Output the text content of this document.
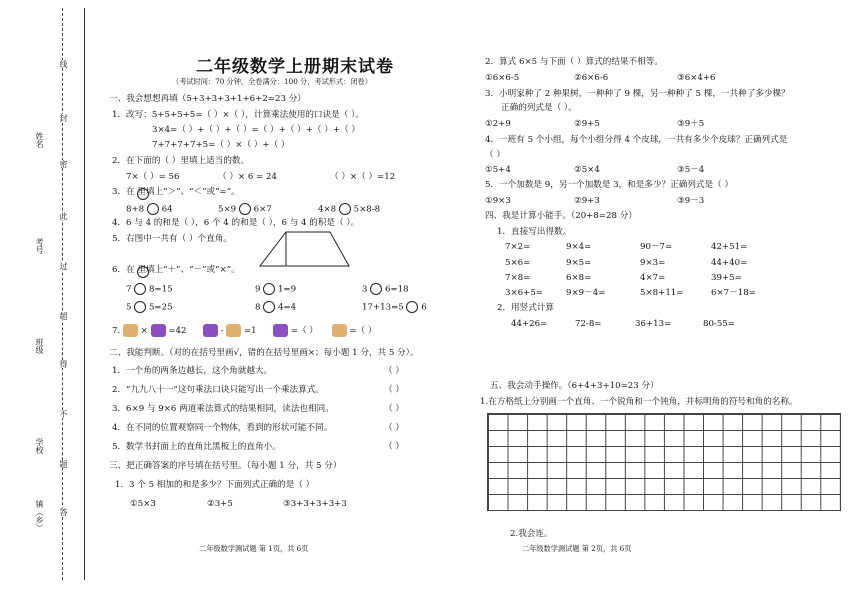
姓名
考号
班级
学校
镇（乡）
线
封
密
此
过
超
得
不
题
答
二年级数学上册期末试卷
（考试时间：70 分钟，全卷满分：100 分，考试形式：闭卷）
一、我会想想再填（5+3+3+3+1+6+2=23 分）
1．改写：5+5+5+5=（ ）×（ ），计算乘法使用的口诀是（ ）。
3×4=（ ）+（ ）+（ ）=（ ）+（ ）+（ ）+（ ）
7+7+7+7+5=（ ）×（ ）+（ ）
2．在下面的（ ）里填上适当的数。
7×（ ）= 56	（ ）× 6 = 24	（ ）×（ ）=12
3．在 里填上“＞”、“＜”或“=”。
8+8 64	5×9 6×7	4×8 5×8-8
4．6 与 4 的和是（ ），6 个 4 的和是（ ），6 与 4 的积是（ ）。
5．右图中一共有（ ）个直角。
6．在 里填上“＋”、“－”或“×”。
7 8=15	9 1=9	3 6=18
5 5=25	8 4=4	17+13=5 6
7. × =42	- =1	=（ ）	=（ ）
二、我能判断。（对的在括号里画√，错的在括号里画×；每小题 1 分，共 5 分）。
1．一个角的两条边越长，这个角就越大。	（ ）
2．“九九八十一”这句乘法口诀只能写出一个乘法算式。	（ ）
3．6×9 与 9×6 两道乘法算式的结果相同，读法也相同。	（ ）
4．在不同的位置观察同一个物体，看到的形状可能不同。	（ ）
5．数学书封面上的直角比黑板上的直角小。	（ ）
三、把正确答案的序号填在括号里。（每小题 1 分，共 5 分）
1．3 个 5 相加的和是多少？下面列式正确的是（ ）
①5×3	②3+5	③3+3+3+3+3
二年级数学测试题 第 1页，共 6页
2．算式 6×5 与下面（ ）算式的结果不相等。
①6×6-5	②6×6-6	③6×4+6
3．小明家种了 2 种果树，一种种了 9 棵，另一种种了 5 棵，一共种了多少棵？
正确的列式是（ ）。
①2+9	②9+5	③9＋5
4．一班有 5 个小组，每个小组分得 4 个皮球，一共有多少个皮球？正确列式是
（ ）
①5+4	②5×4	③5－4
5．一个加数是 9，另一个加数是 3，和是多少？正确列式是（ ）
①9×3	②9+3	③9－3
四、我是计算小能手。（20+8=28 分）
1．直接写出得数。
7×2=	9×4=	90－7=	42+51=
5×6=	9×5=	9×3=	44+40=
7×8=	6×8=	4×7=	39+5=
3×6+5=	9×9－4=	5×8+11=	6×7－18=
2．用竖式计算
44+26=	72-8=	36+13=	80-55=
五、我会动手操作。（6+4+3+10=23 分）
1.在方格纸上分别画一个直角、一个锐角和一个钝角，并标明角的符号和角的名称。
2.我会连。
二年级数学测试题 第 2页，共 6页
